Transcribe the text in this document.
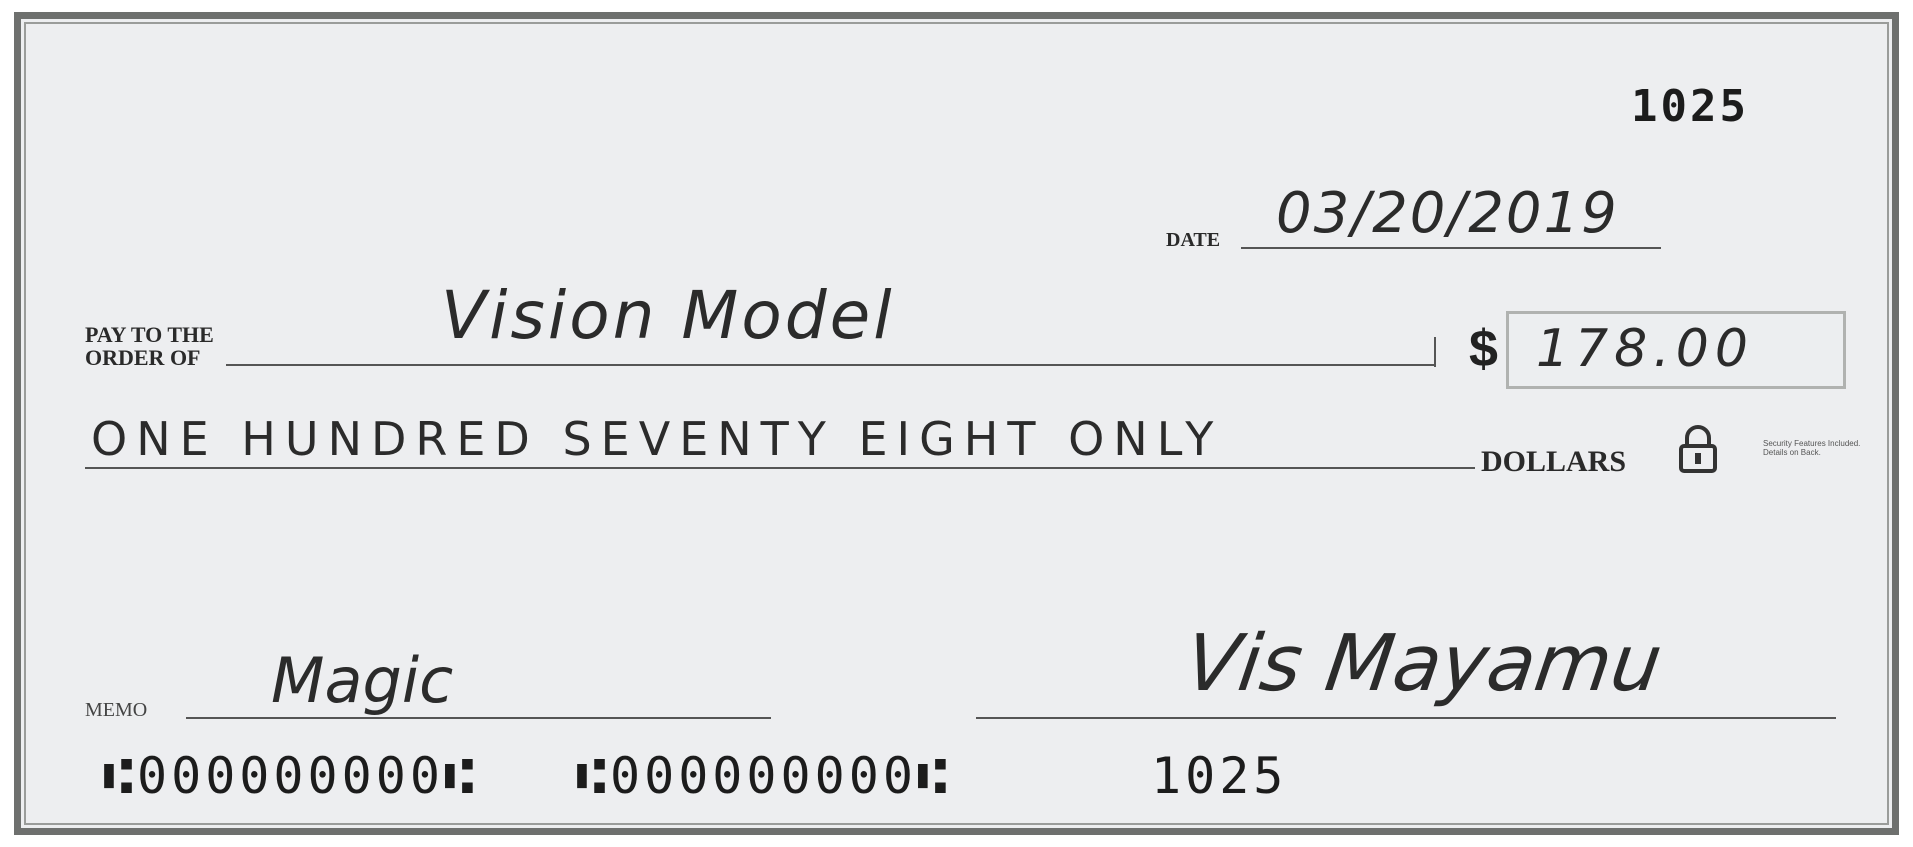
1025
DATE 03/20/2019
PAY TO THE
ORDER OF
Vision Model	$ 178.00
ONE HUNDRED SEVENTY EIGHT ONLY	DOLLARS
Security Features Included. Details on Back.
MEMO Magic	Vis Mayamu
⑆000000000⑆ ⑆000000000⑆	1025
